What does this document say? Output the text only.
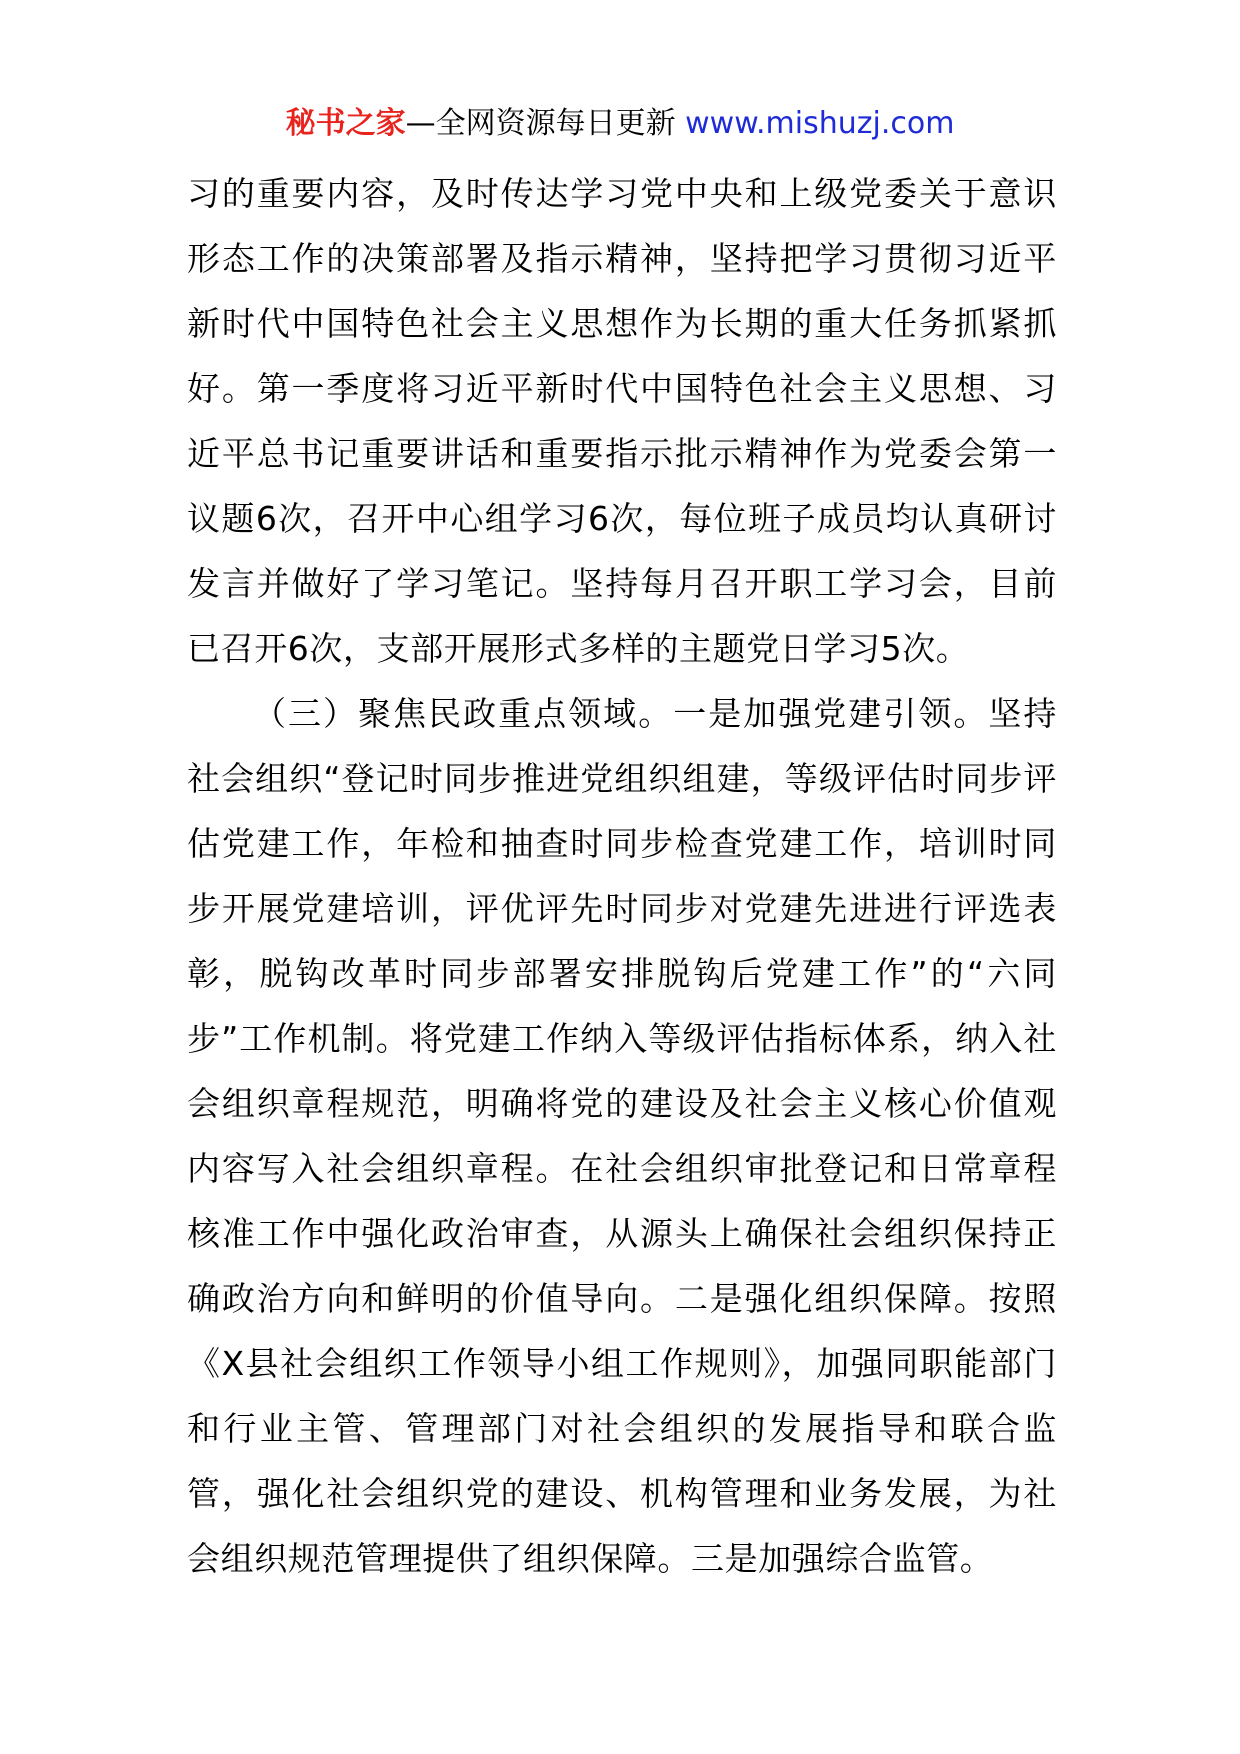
秘书之家—全网资源每日更新 www.mishuzj.com

习的重要内容，及时传达学习党中央和上级党委关于意识形态工作的决策部署及指示精神，坚持把学习贯彻习近平新时代中国特色社会主义思想作为长期的重大任务抓紧抓好。第一季度将习近平新时代中国特色社会主义思想、习近平总书记重要讲话和重要指示批示精神作为党委会第一议题6次，召开中心组学习6次，每位班子成员均认真研讨发言并做好了学习笔记。坚持每月召开职工学习会，目前已召开6次，支部开展形式多样的主题党日学习5次。

（三）聚焦民政重点领域。一是加强党建引领。坚持社会组织“登记时同步推进党组织组建，等级评估时同步评估党建工作，年检和抽查时同步检查党建工作，培训时同步开展党建培训，评优评先时同步对党建先进进行评选表彰，脱钩改革时同步部署安排脱钩后党建工作”的“六同步”工作机制。将党建工作纳入等级评估指标体系，纳入社会组织章程规范，明确将党的建设及社会主义核心价值观内容写入社会组织章程。在社会组织审批登记和日常章程核准工作中强化政治审查，从源头上确保社会组织保持正确政治方向和鲜明的价值导向。二是强化组织保障。按照《X县社会组织工作领导小组工作规则》，加强同职能部门和行业主管、管理部门对社会组织的发展指导和联合监管，强化社会组织党的建设、机构管理和业务发展，为社会组织规范管理提供了组织保障。三是加强综合监管。
